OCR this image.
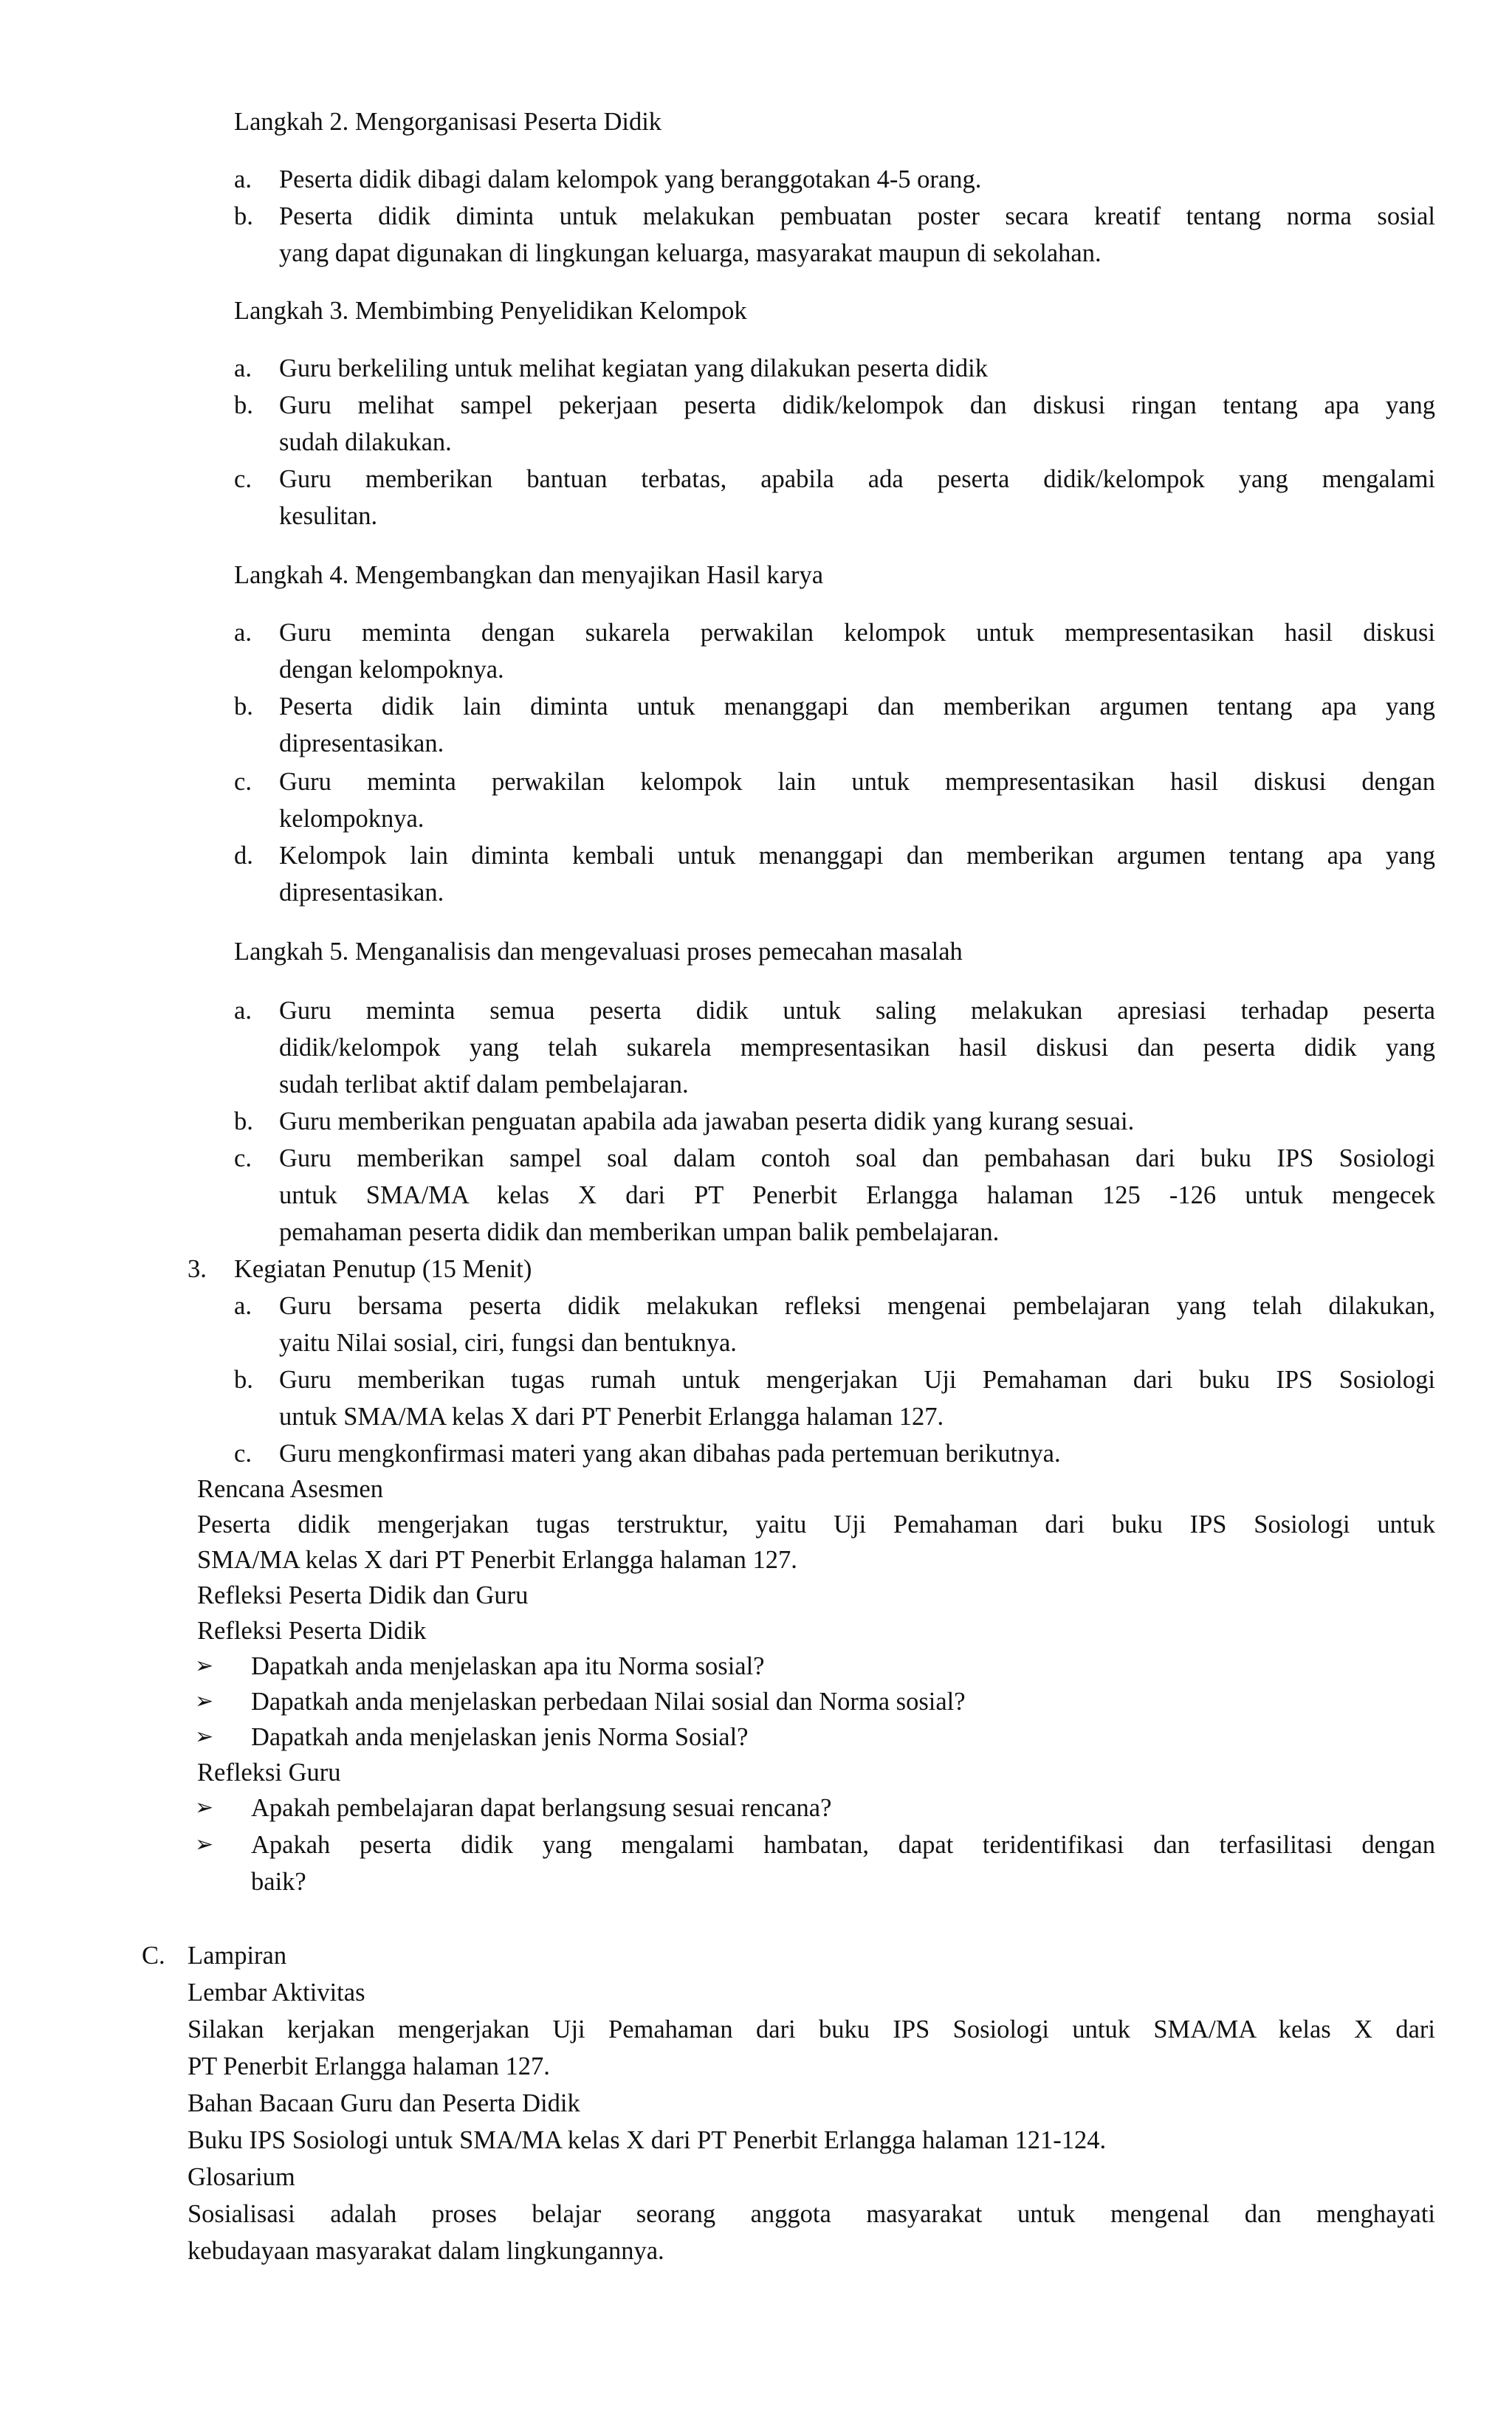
Langkah 2. Mengorganisasi Peserta Didik
a. Peserta didik dibagi dalam kelompok yang beranggotakan 4-5 orang.
b. Peserta didik diminta untuk melakukan pembuatan poster secara kreatif tentang norma sosial
yang dapat digunakan di lingkungan keluarga, masyarakat maupun di sekolahan.
Langkah 3. Membimbing Penyelidikan Kelompok
a. Guru berkeliling untuk melihat kegiatan yang dilakukan peserta didik
b. Guru melihat sampel pekerjaan peserta didik/kelompok dan diskusi ringan tentang apa yang
sudah dilakukan.
c. Guru memberikan bantuan terbatas, apabila ada peserta didik/kelompok yang mengalami
kesulitan.
Langkah 4. Mengembangkan dan menyajikan Hasil karya
a. Guru meminta dengan sukarela perwakilan kelompok untuk mempresentasikan hasil diskusi
dengan kelompoknya.
b. Peserta didik lain diminta untuk menanggapi dan memberikan argumen tentang apa yang
dipresentasikan.
c. Guru meminta perwakilan kelompok lain untuk mempresentasikan hasil diskusi dengan
kelompoknya.
d. Kelompok lain diminta kembali untuk menanggapi dan memberikan argumen tentang apa yang
dipresentasikan.
Langkah 5. Menganalisis dan mengevaluasi proses pemecahan masalah
a. Guru meminta semua peserta didik untuk saling melakukan apresiasi terhadap peserta
didik/kelompok yang telah sukarela mempresentasikan hasil diskusi dan peserta didik yang
sudah terlibat aktif dalam pembelajaran.
b. Guru memberikan penguatan apabila ada jawaban peserta didik yang kurang sesuai.
c. Guru memberikan sampel soal dalam contoh soal dan pembahasan dari buku IPS Sosiologi
untuk SMA/MA kelas X dari PT Penerbit Erlangga halaman 125 -126 untuk mengecek
pemahaman peserta didik dan memberikan umpan balik pembelajaran.
3. Kegiatan Penutup (15 Menit)
a. Guru bersama peserta didik melakukan refleksi mengenai pembelajaran yang telah dilakukan,
yaitu Nilai sosial, ciri, fungsi dan bentuknya.
b. Guru memberikan tugas rumah untuk mengerjakan Uji Pemahaman dari buku IPS Sosiologi
untuk SMA/MA kelas X dari PT Penerbit Erlangga halaman 127.
c. Guru mengkonfirmasi materi yang akan dibahas pada pertemuan berikutnya.
Rencana Asesmen
Peserta didik mengerjakan tugas terstruktur, yaitu Uji Pemahaman dari buku IPS Sosiologi untuk
SMA/MA kelas X dari PT Penerbit Erlangga halaman 127.
Refleksi Peserta Didik dan Guru
Refleksi Peserta Didik
➢ Dapatkah anda menjelaskan apa itu Norma sosial?
➢ Dapatkah anda menjelaskan perbedaan Nilai sosial dan Norma sosial?
➢ Dapatkah anda menjelaskan jenis Norma Sosial?
Refleksi Guru
➢ Apakah pembelajaran dapat berlangsung sesuai rencana?
➢ Apakah peserta didik yang mengalami hambatan, dapat teridentifikasi dan terfasilitasi dengan
baik?
C. Lampiran
Lembar Aktivitas
Silakan kerjakan mengerjakan Uji Pemahaman dari buku IPS Sosiologi untuk SMA/MA kelas X dari
PT Penerbit Erlangga halaman 127.
Bahan Bacaan Guru dan Peserta Didik
Buku IPS Sosiologi untuk SMA/MA kelas X dari PT Penerbit Erlangga halaman 121-124.
Glosarium
Sosialisasi adalah proses belajar seorang anggota masyarakat untuk mengenal dan menghayati
kebudayaan masyarakat dalam lingkungannya.
